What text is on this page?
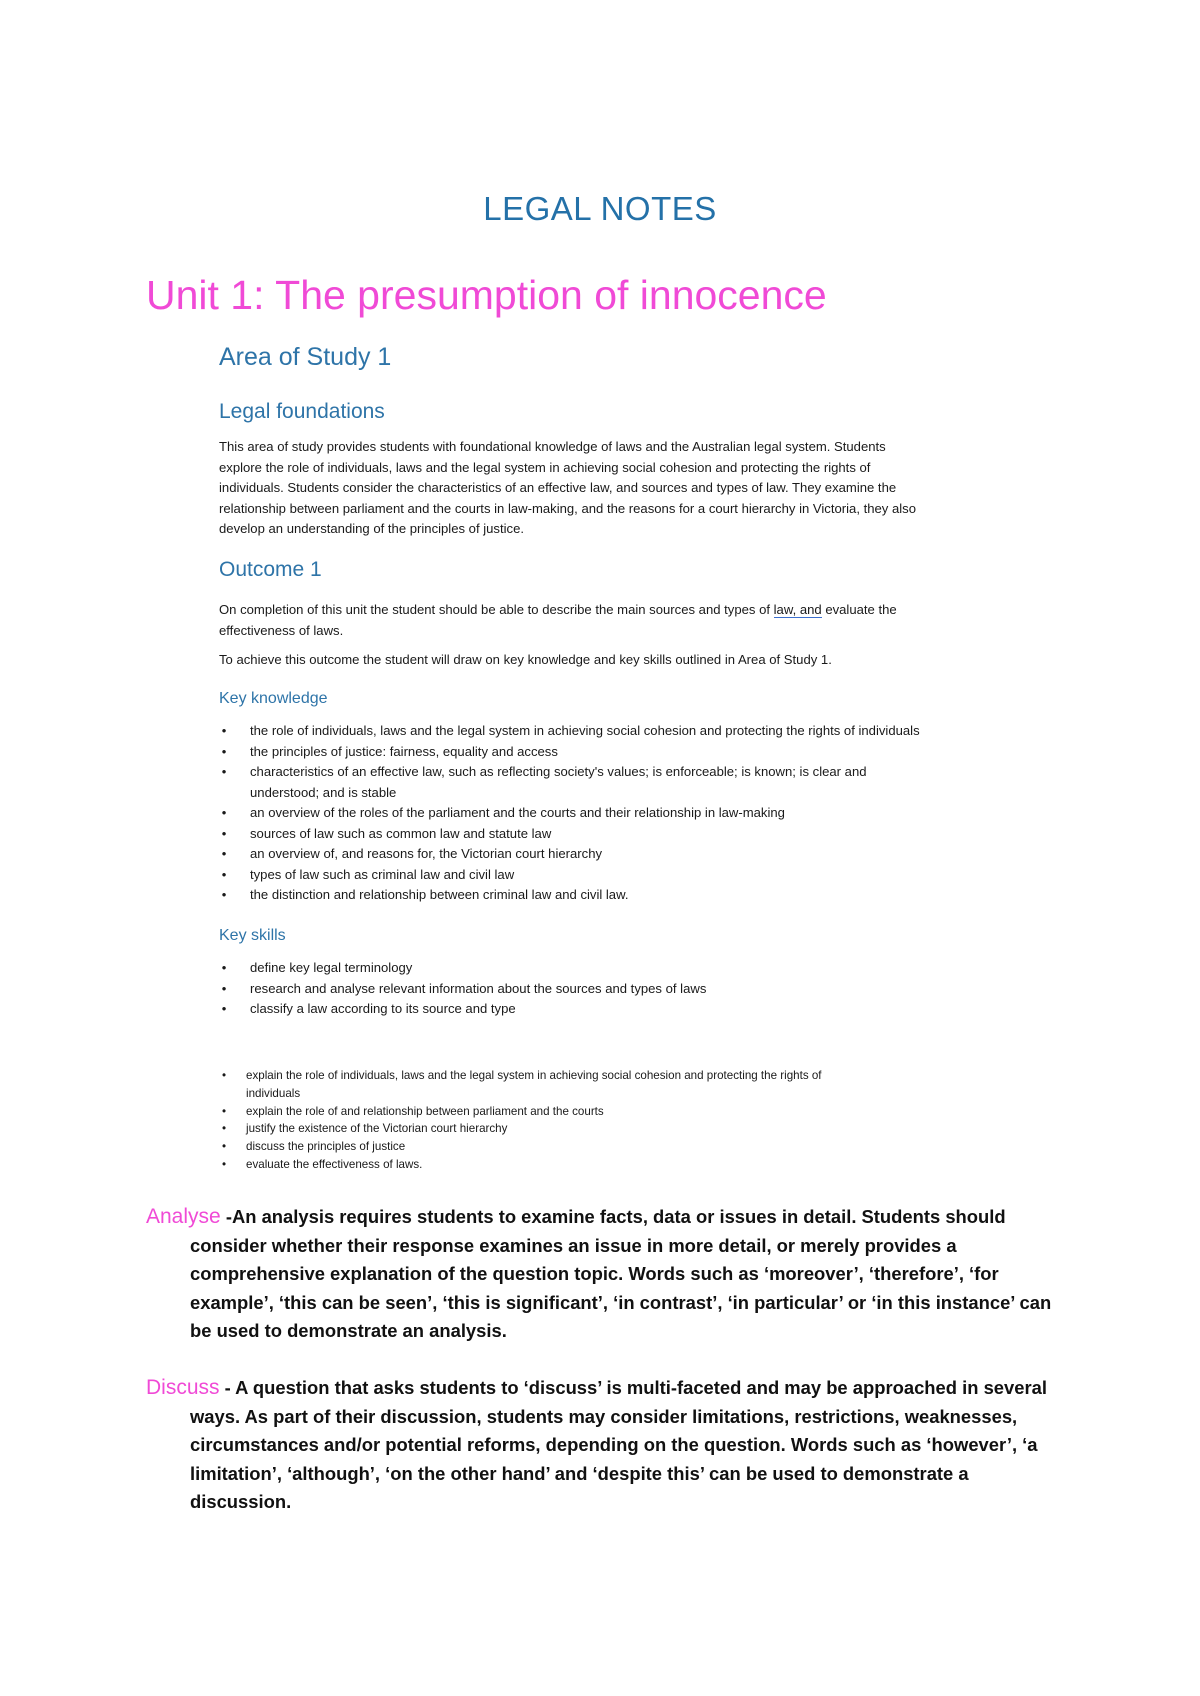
LEGAL NOTES
Unit 1: The presumption of innocence
Area of Study 1
Legal foundations

This area of study provides students with foundational knowledge of laws and the Australian legal system. Students explore the role of individuals, laws and the legal system in achieving social cohesion and protecting the rights of individuals. Students consider the characteristics of an effective law, and sources and types of law. They examine the relationship between parliament and the courts in law-making, and the reasons for a court hierarchy in Victoria, they also develop an understanding of the principles of justice.

Outcome 1

On completion of this unit the student should be able to describe the main sources and types of law, and evaluate the effectiveness of laws.

To achieve this outcome the student will draw on key knowledge and key skills outlined in Area of Study 1.

Key knowledge
• the role of individuals, laws and the legal system in achieving social cohesion and protecting the rights of individuals
• the principles of justice: fairness, equality and access
• characteristics of an effective law, such as reflecting society's values; is enforceable; is known; is clear and understood; and is stable
• an overview of the roles of the parliament and the courts and their relationship in law-making
• sources of law such as common law and statute law
• an overview of, and reasons for, the Victorian court hierarchy
• types of law such as criminal law and civil law
• the distinction and relationship between criminal law and civil law.
Key skills
• define key legal terminology
• research and analyse relevant information about the sources and types of laws
• classify a law according to its source and type
• explain the role of individuals, laws and the legal system in achieving social cohesion and protecting the rights of individuals
• explain the role of and relationship between parliament and the courts
• justify the existence of the Victorian court hierarchy
• discuss the principles of justice
• evaluate the effectiveness of laws.
Analyse -An analysis requires students to examine facts, data or issues in detail. Students should consider whether their response examines an issue in more detail, or merely provides a comprehensive explanation of the question topic. Words such as ‘moreover’, ‘therefore’, ‘for example’, ‘this can be seen’, ‘this is significant’, ‘in contrast’, ‘in particular’ or ‘in this instance’ can be used to demonstrate an analysis.
Discuss - A question that asks students to ‘discuss’ is multi-faceted and may be approached in several ways. As part of their discussion, students may consider limitations, restrictions, weaknesses, circumstances and/or potential reforms, depending on the question. Words such as ‘however’, ‘a limitation’, ‘although’, ‘on the other hand’ and ‘despite this’ can be used to demonstrate a discussion.
